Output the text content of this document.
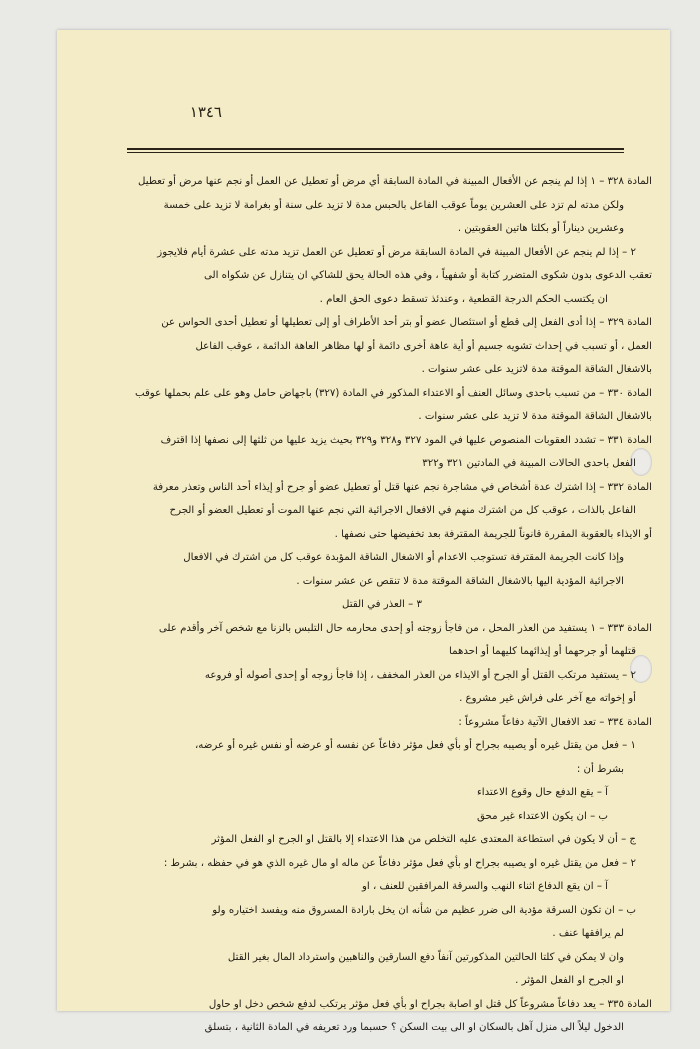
١٣٤٦
المادة ٣٢٨ – ١ إذا لم ينجم عن الأفعال المبينة في المادة السابقة أي مرض أو تعطيل عن العمل أو نجم عنها مرض أو تعطيل
ولكن مدته لم تزد على العشرين يوماً عوقب الفاعل بالحبس مدة لا تزيد على سنة أو بغرامة لا تزيد على خمسة
وعشرين ديناراً أو بكلتا هاتين العقوبتين .
٢ – إذا لم ينجم عن الأفعال المبينة في المادة السابقة مرض أو تعطيل عن العمل تزيد مدته على عشرة أيام فلايجوز
تعقب الدعوى بدون شكوى المتضرر كتابة أو شفهياً ، وفي هذه الحالة يحق للشاكي ان يتنازل عن شكواه الى
ان يكتسب الحكم الدرجة القطعية ، وعندئذ تسقط دعوى الحق العام .
المادة ٣٢٩ – إذا أدى الفعل إلى قطع أو استئصال عضو أو بتر أحد الأطراف أو إلى تعطيلها أو تعطيل أحدى الحواس عن
العمل ، أو تسبب في إحداث تشويه جسيم أو أية عاهة أخرى دائمة أو لها مظاهر العاهة الدائمة ، عوقب الفاعل
بالاشغال الشاقة الموقتة مدة لاتزيد على عشر سنوات .
المادة ٣٣٠ – من تسبب باحدى وسائل العنف أو الاعتداء المذكور في المادة (٣٢٧) باجهاض حامل وهو على علم بحملها عوقب
بالاشغال الشاقة الموقتة مدة لا تزيد على عشر سنوات .
المادة ٣٣١ – تشدد العقوبات المنصوص عليها في المود ٣٢٧ و٣٢٨ و٣٢٩ بحيث يزيد عليها من ثلثها إلى نصفها إذا اقترف
الفعل باحدى الحالات المبينة في المادتين ٣٢١ و٣٢٢
المادة ٣٣٢ – إذا اشترك عدة أشخاص في مشاجرة نجم عنها قتل أو تعطيل عضو أو جرح أو إيذاء أحد الناس وتعذر معرفة
الفاعل بالذات ، عوقب كل من اشترك منهم في الافعال الاجرائية التي نجم عنها الموت أو تعطيل العضو أو الجرح
أو الايذاء بالعقوبة المقررة قانوناً للجريمة المقترفة بعد تخفيضها حتى نصفها .
وإذا كانت الجريمة المقترفة تستوجب الاعدام أو الاشغال الشاقة المؤبدة عوقب كل من اشترك في الافعال
الاجرائية المؤدية اليها بالاشغال الشاقة الموقتة مدة لا تنقص عن عشر سنوات .
٣ – العذر في القتل
المادة ٣٣٣ – ١ يستفيد من العذر المحل ، من فاجأ زوجته أو إحدى محارمه حال التلبس بالزنا مع شخص آخر وأقدم على
قتلهما أو جرحهما أو إيذائهما كليهما أو احدهما
٢ – يستفيد مرتكب القتل أو الجرح أو الايذاء من العذر المخفف ، إذا فاجأ زوجه أو إحدى أصوله أو فروعه
أو إخواته مع آخر على فراش غير مشروع .
المادة ٣٣٤ – تعد الافعال الآتية دفاعاً مشروعاً :
١ – فعل من يقتل غيره أو يصيبه بجراح أو بأي فعل مؤثر دفاعاً عن نفسه أو عرضه أو نفس غيره أو عرضه،
بشرط أن :
آ – يقع الدفع حال وقوع الاعتداء
ب – ان يكون الاعتداء غير محق
ج – أن لا يكون في استطاعة المعتدى عليه التخلص من هذا الاعتداء إلا بالقتل او الجرح او الفعل المؤثر
٢ – فعل من يقتل غيره او يصيبه بجراح او بأي فعل مؤثر دفاعاً عن ماله او مال غيره الذي هو في حفظه ، بشرط :
آ – ان يقع الدفاع اثناء النهب والسرقة المرافقين للعنف ، او
ب – ان تكون السرقة مؤدية الى ضرر عظيم من شأنه ان يخل بارادة المسروق منه ويفسد اختياره ولو
لم يرافقها عنف .
وان لا يمكن في كلتا الحالتين المذكورتين آنفاً دفع السارقين والناهبين واسترداد المال بغير القتل
او الجرح او الفعل المؤثر .
المادة ٣٣٥ – يعد دفاعاً مشروعاً كل قتل او اصابة بجراح او بأي فعل مؤثر يرتكب لدفع شخص دخل او حاول
الدخول ليلاً الى منزل آهل بالسكان او الى بيت السكن ؟ حسبما ورد تعريفه في المادة الثانية ، بتسلق
